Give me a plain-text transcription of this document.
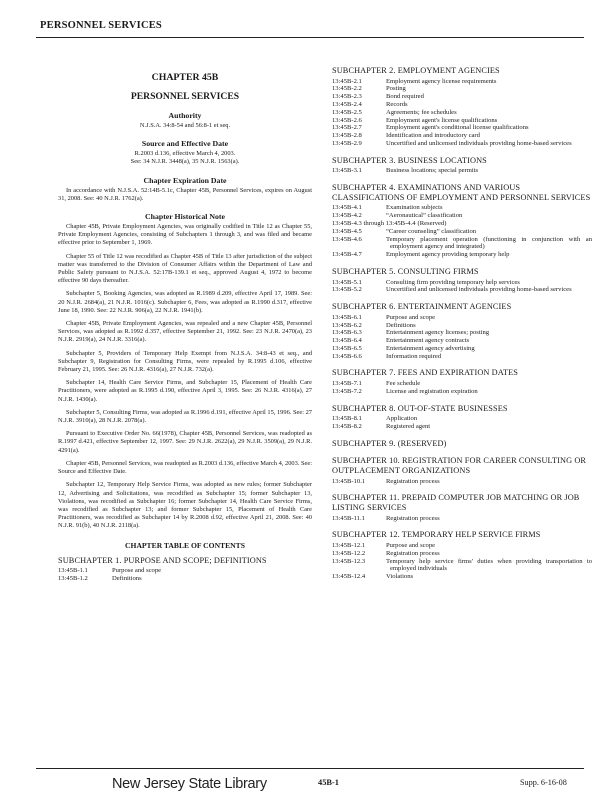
PERSONNEL SERVICES
CHAPTER 45B
PERSONNEL SERVICES
Authority
N.J.S.A. 34:8-54 and 56:8-1 et seq.
Source and Effective Date
R.2003 d.136, effective March 4, 2003.
See: 34 N.J.R. 3448(a), 35 N.J.R. 1563(a).
Chapter Expiration Date

In accordance with N.J.S.A. 52:14B-5.1c, Chapter 45B, Personnel Services, expires on August 31, 2008. See: 40 N.J.R. 1762(a).

Chapter Historical Note

Chapter 45B, Private Employment Agencies, was originally codified in Title 12 as Chapter 55, Private Employment Agencies, consisting of Subchapters 1 through 3, and was filed and became effective prior to September 1, 1969.

Chapter 55 of Title 12 was recodified as Chapter 45B of Title 13 after jurisdiction of the subject matter was transferred to the Division of Consumer Affairs within the Department of Law and Public Safety pursuant to N.J.S.A. 52:17B-139.1 et seq., approved August 4, 1972 to become effective 90 days thereafter.

Subchapter 5, Booking Agencies, was adopted as R.1989 d.209, effective April 17, 1989. See: 20 N.J.R. 2684(a), 21 N.J.R. 1016(c). Subchapter 6, Fees, was adopted as R.1990 d.317, effective June 18, 1990. See: 22 N.J.R. 906(a), 22 N.J.R. 1941(b).

Chapter 45B, Private Employment Agencies, was repealed and a new Chapter 45B, Personnel Services, was adopted as R.1992 d.357, effective September 21, 1992. See: 23 N.J.R. 2470(a), 23 N.J.R. 2919(a), 24 N.J.R. 3316(a).

Subchapter 5, Providers of Temporary Help Exempt from N.J.S.A. 34:8-43 et seq., and Subchapter 9, Registration for Consulting Firms, were repealed by R.1995 d.106, effective February 21, 1995. See: 26 N.J.R. 4316(a), 27 N.J.R. 732(a).

Subchapter 14, Health Care Service Firms, and Subchapter 15, Placement of Health Care Practitioners, were adopted as R.1995 d.190, effective April 3, 1995. See: 26 N.J.R. 4316(a), 27 N.J.R. 1430(a).

Subchapter 5, Consulting Firms, was adopted as R.1996 d.191, effective April 15, 1996. See: 27 N.J.R. 3910(a), 28 N.J.R. 2078(a).

Pursuant to Executive Order No. 66(1978), Chapter 45B, Personnel Services, was readopted as R.1997 d.421, effective September 12, 1997. See: 29 N.J.R. 2622(a), 29 N.J.R. 3509(a), 29 N.J.R. 4291(a).

Chapter 45B, Personnel Services, was readopted as R.2003 d.136, effective March 4, 2003. See: Source and Effective Date.

Subchapter 12, Temporary Help Service Firms, was adopted as new rules; former Subchapter 12, Advertising and Solicitations, was recodified as Subchapter 15; former Subchapter 13, Violations, was recodified as Subchapter 16; former Subchapter 14, Health Care Service Firms, was recodified as Subchapter 13; and former Subchapter 15, Placement of Health Care Practitioners, was recodified as Subchapter 14 by R.2008 d.92, effective April 21, 2008. See: 40 N.J.R. 91(b), 40 N.J.R. 2118(a).

CHAPTER TABLE OF CONTENTS
SUBCHAPTER 1. PURPOSE AND SCOPE; DEFINITIONS
13:45B-1.1	Purpose and scope
13:45B-1.2	Definitions
SUBCHAPTER 2. EMPLOYMENT AGENCIES
13:45B-2.1	Employment agency license requirements
13:45B-2.2	Posting
13:45B-2.3	Bond required
13:45B-2.4	Records
13:45B-2.5	Agreements; fee schedules
13:45B-2.6	Employment agent's license qualifications
13:45B-2.7	Employment agent's conditional license qualifications
13:45B-2.8	Identification and introductory card
13:45B-2.9	Uncertified and unlicensed individuals providing home-based services
SUBCHAPTER 3. BUSINESS LOCATIONS
13:45B-3.1	Business locations; special permits
SUBCHAPTER 4. EXAMINATIONS AND VARIOUS CLASSIFICATIONS OF EMPLOYMENT AND PERSONNEL SERVICES
13:45B-4.1	Examination subjects
13:45B-4.2	“Aeronautical” classification
13:45B-4.3 through 13:45B-4.4 (Reserved)
13:45B-4.5	“Career counseling” classification
13:45B-4.6	Temporary placement operation (functioning in conjunction with an employment agency and integrated)
13:45B-4.7	Employment agency providing temporary help
SUBCHAPTER 5. CONSULTING FIRMS
13:45B-5.1	Consulting firm providing temporary help services
13:45B-5.2	Uncertified and unlicensed individuals providing home-based services
SUBCHAPTER 6. ENTERTAINMENT AGENCIES
13:45B-6.1	Purpose and scope
13:45B-6.2	Definitions
13:45B-6.3	Entertainment agency licenses; posting
13:45B-6.4	Entertainment agency contracts
13:45B-6.5	Entertainment agency advertising
13:45B-6.6	Information required
SUBCHAPTER 7. FEES AND EXPIRATION DATES
13:45B-7.1	Fee schedule
13:45B-7.2	License and registration expiration
SUBCHAPTER 8. OUT-OF-STATE BUSINESSES
13:45B-8.1	Application
13:45B-8.2	Registered agent
SUBCHAPTER 9. (RESERVED)
SUBCHAPTER 10. REGISTRATION FOR CAREER CONSULTING OR OUTPLACEMENT ORGANIZATIONS
13:45B-10.1	Registration process
SUBCHAPTER 11. PREPAID COMPUTER JOB MATCHING OR JOB LISTING SERVICES
13:45B-11.1	Registration process
SUBCHAPTER 12. TEMPORARY HELP SERVICE FIRMS
13:45B-12.1	Purpose and scope
13:45B-12.2	Registration process
13:45B-12.3	Temporary help service firms' duties when providing transportation to employed individuals
13:45B-12.4	Violations
New Jersey State Library	45B-1	Supp. 6-16-08
